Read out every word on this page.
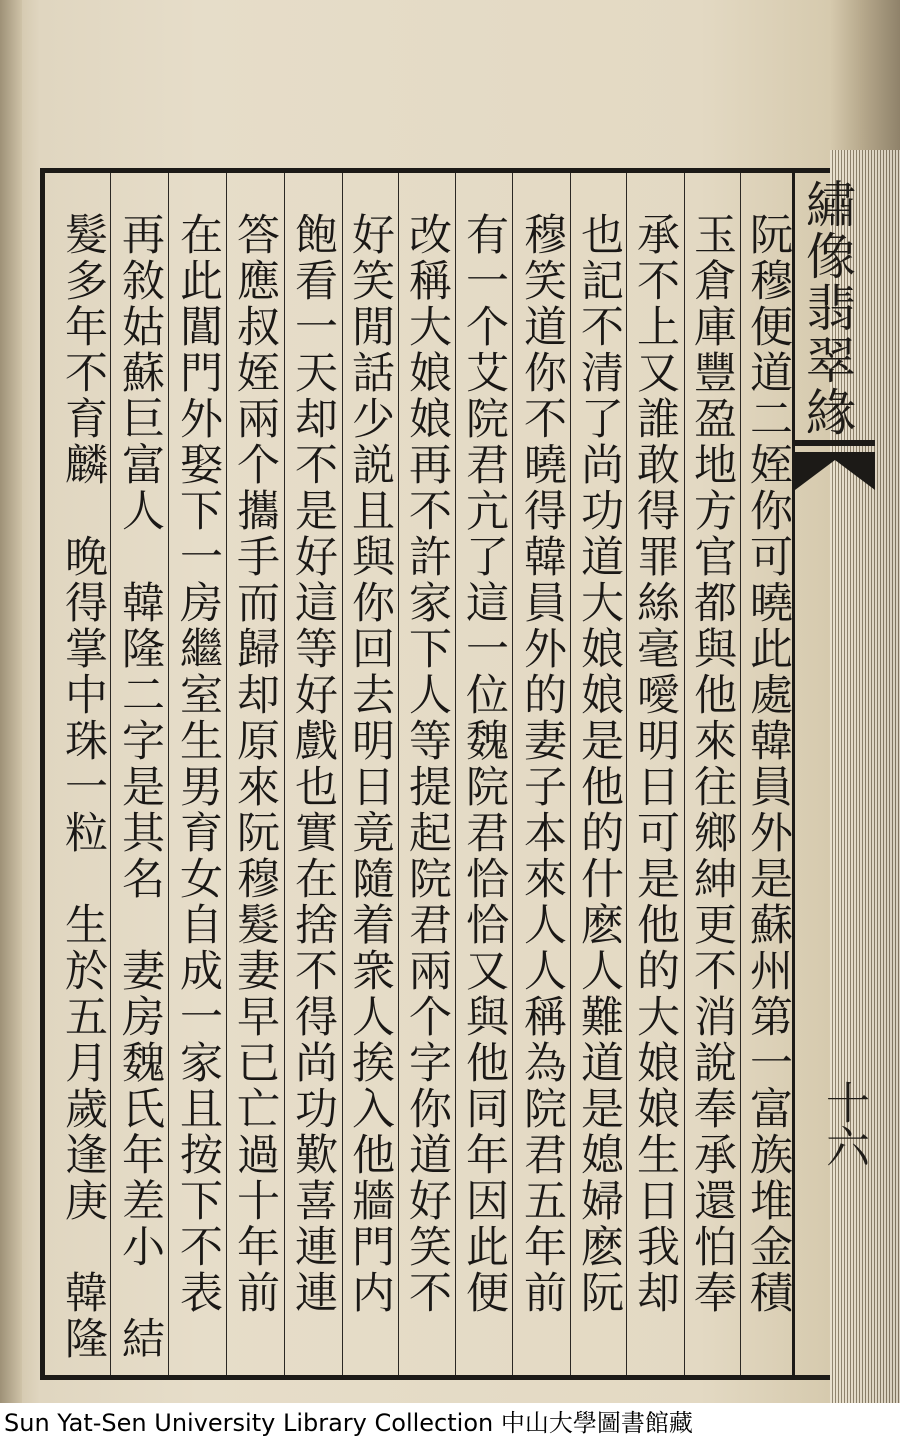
阮穆便道二姪你可曉此處韓員外是蘇州第一富族堆金積
玉倉庫豐盈地方官都與他來往鄉紳更不消說奉承還怕奉
承不上又誰敢得罪絲毫噯明日可是他的大娘娘生日我却
也記不清了尚功道大娘娘是他的什麽人難道是媳婦麽阮
穆笑道你不曉得韓員外的妻子本來人人稱為院君五年前
有一个艾院君亢了這一位魏院君恰恰又與他同年因此便
改稱大娘娘再不許家下人等提起院君兩个字你道好笑不
好笑閒話少説且與你回去明日竟隨着衆人挨入他牆門内
飽看一天却不是好這等好戲也實在捨不得尚功歎喜連連
答應叔姪兩个攜手而歸却原來阮穆髮妻早已亡過十年前
在此閶門外娶下一房繼室生男育女自成一家且按下不表
再敘姑蘇巨富人　韓隆二字是其名　妻房魏氏年差小　結
髮多年不育麟　晚得掌中珠一粒　生於五月歲逢庚　韓隆	繡像翡翠緣
十六
Sun Yat-Sen University Library Collection 中山大學圖書館藏
